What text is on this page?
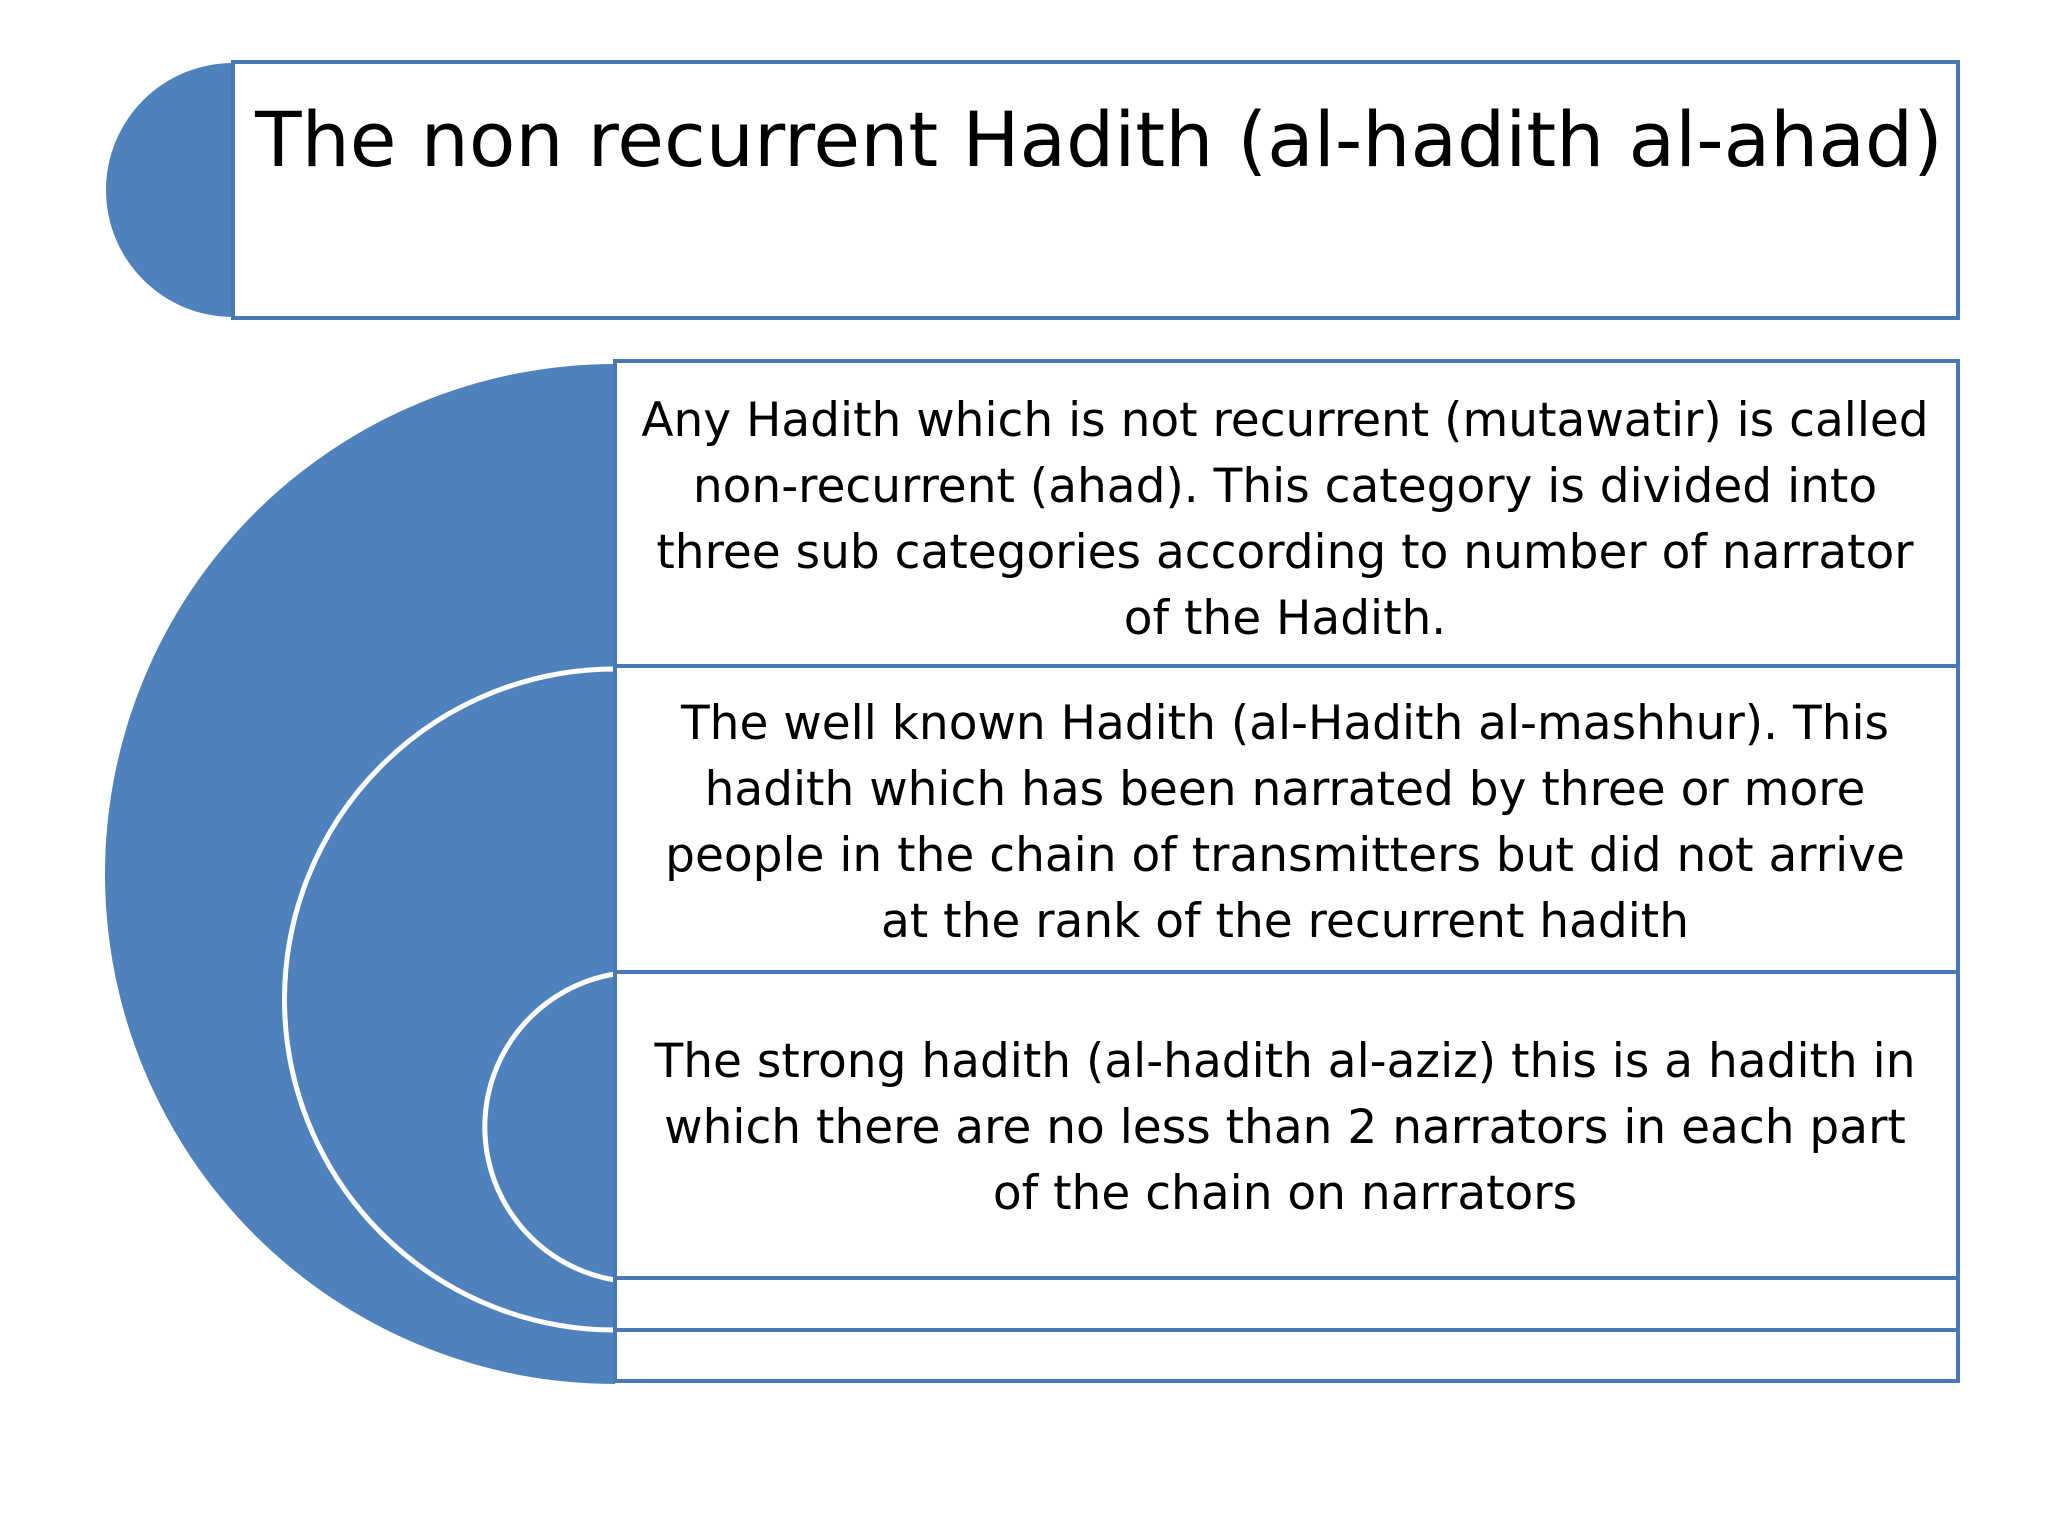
The non recurrent Hadith (al-hadith al-ahad)
Any Hadith which is not recurrent (mutawatir) is called non-recurrent (ahad). This category is divided into three sub categories according to number of narrator of the Hadith.
The well known Hadith (al-Hadith al-mashhur). This hadith which has been narrated by three or more people in the chain of transmitters but did not arrive at the rank of the recurrent hadith
The strong hadith (al-hadith al-aziz) this is a hadith in which there are no less than 2 narrators in each part of the chain on narrators
